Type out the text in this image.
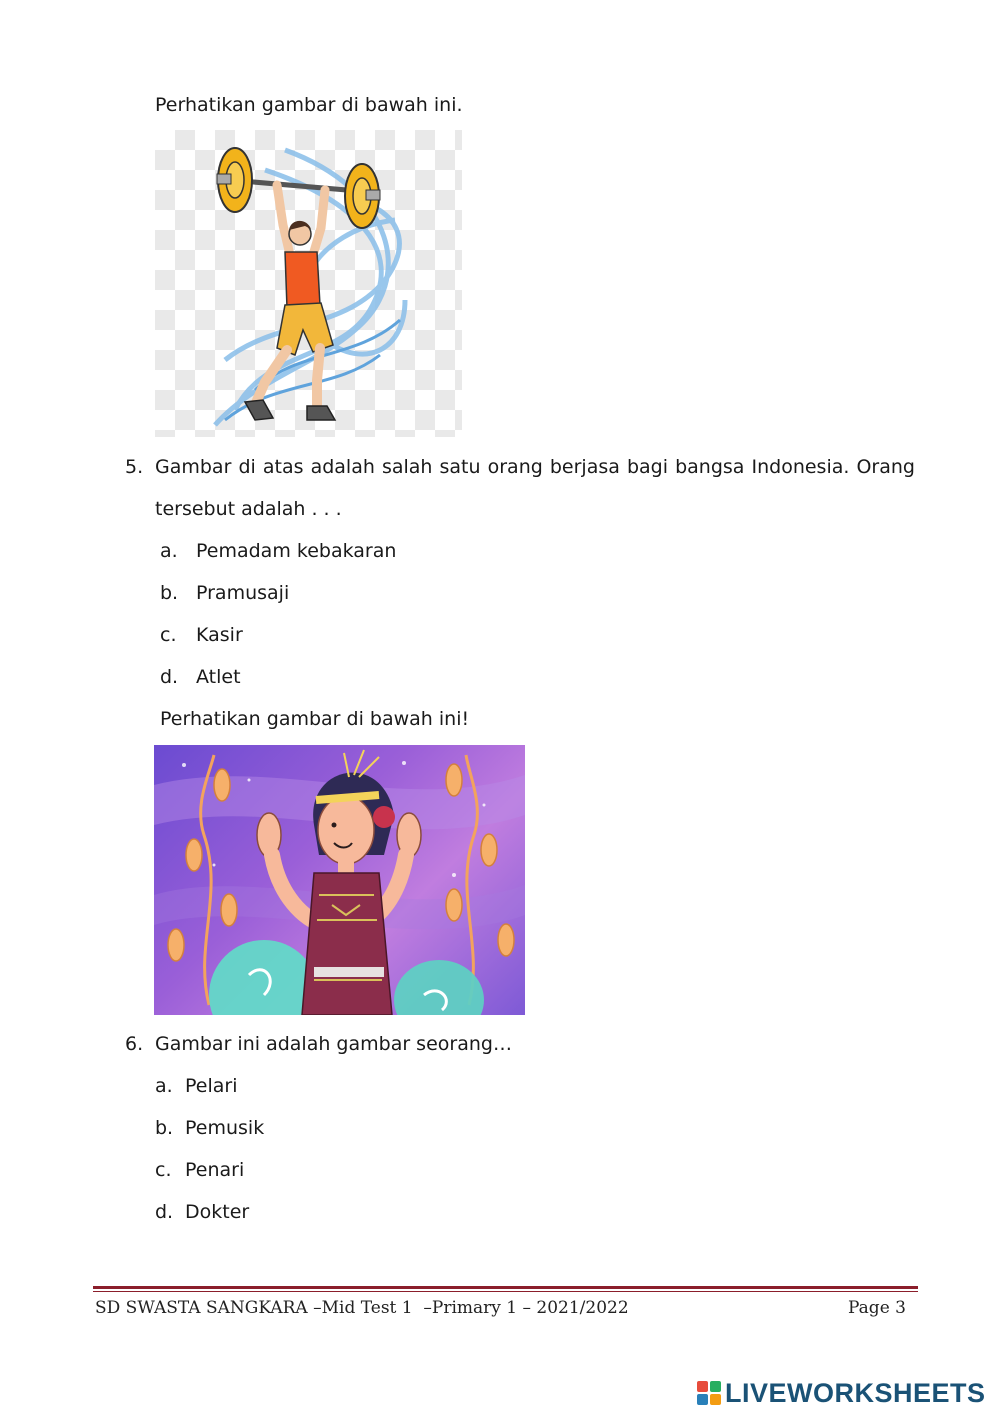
Perhatikan gambar di bawah ini.
5. Gambar di atas adalah salah satu orang berjasa bagi bangsa Indonesia. Orang
tersebut adalah . . .
a. Pemadam kebakaran
b. Pramusaji
c. Kasir
d. Atlet
Perhatikan gambar di bawah ini!
6. Gambar ini adalah gambar seorang…
a. Pelari
b. Pemusik
c. Penari
d. Dokter
SD SWASTA SANGKARA –Mid Test 1  –Primary 1 – 2021/2022	Page 3
LIVEWORKSHEETS
